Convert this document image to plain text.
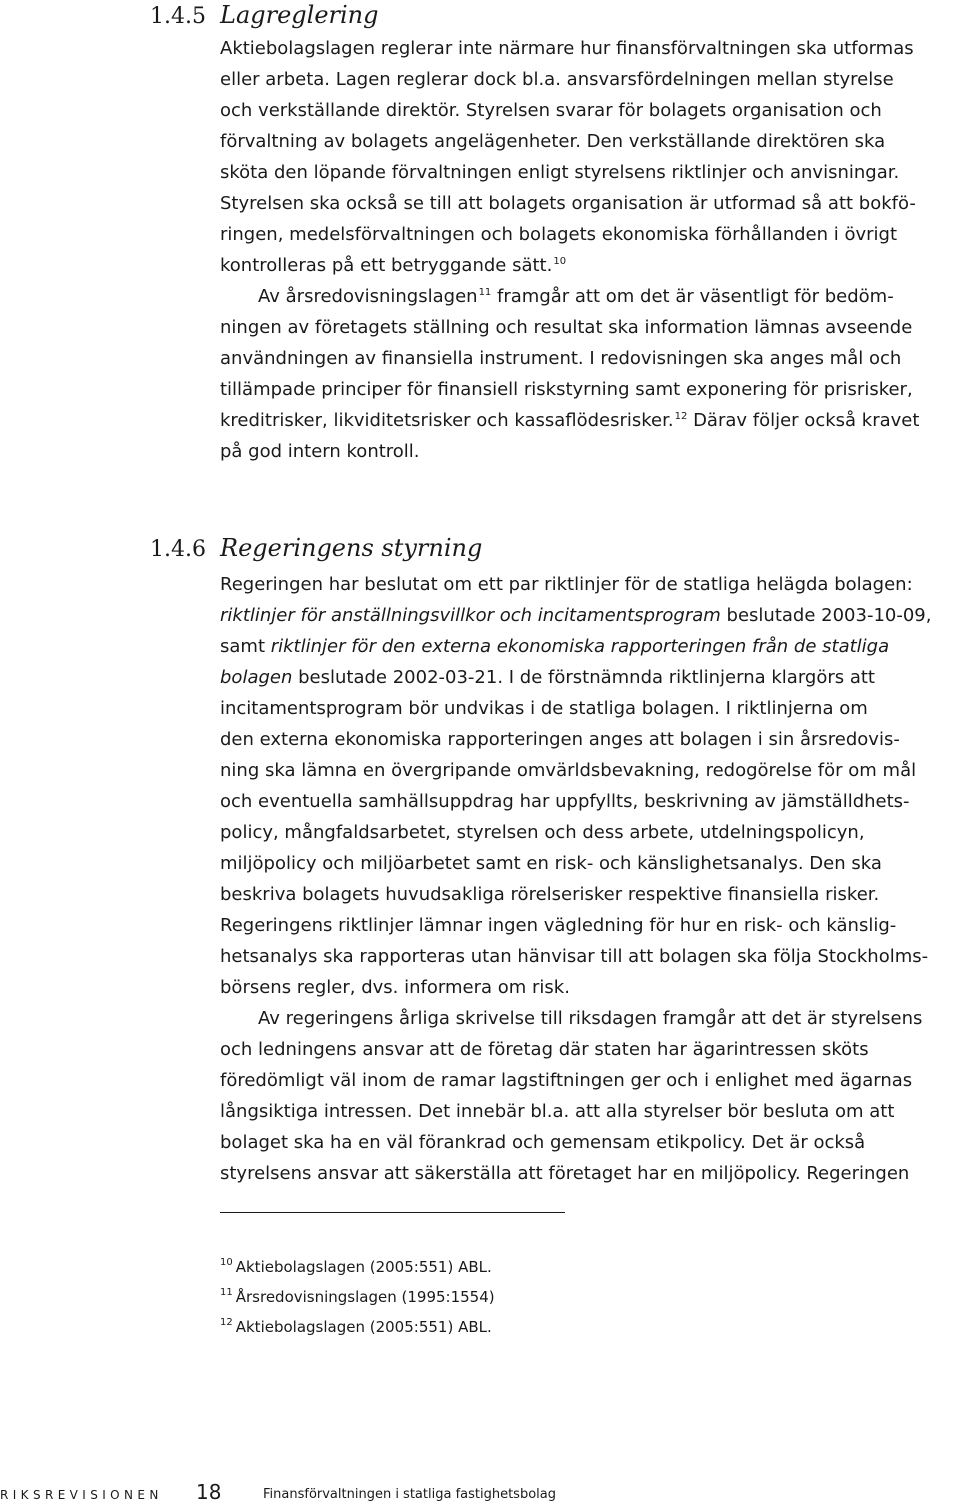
1.4.5 Lagreglering
Aktiebolagslagen reglerar inte närmare hur finansförvaltningen ska utformas
eller arbeta. Lagen reglerar dock bl.a. ansvarsfördelningen mellan styrelse
och verkställande direktör. Styrelsen svarar för bolagets organisation och
förvaltning av bolagets angelägenheter. Den verkställande direktören ska
sköta den löpande förvaltningen enligt styrelsens riktlinjer och anvisningar.
Styrelsen ska också se till att bolagets organisation är utformad så att bokfö-
ringen, medelsförvaltningen och bolagets ekonomiska förhållanden i övrigt
kontrolleras på ett betryggande sätt.$^{10}$
Av årsredovisningslagen$^{11}$ framgår att om det är väsentligt för bedöm-
ningen av företagets ställning och resultat ska information lämnas avseende
användningen av finansiella instrument. I redovisningen ska anges mål och
tillämpade principer för finansiell riskstyrning samt exponering för prisrisker,
kreditrisker, likviditetsrisker och kassaflödesrisker.$^{12}$ Därav följer också kravet
på god intern kontroll.
1.4.6 Regeringens styrning
Regeringen har beslutat om ett par riktlinjer för de statliga helägda bolagen:
riktlinjer för anställningsvillkor och incitamentsprogram beslutade 2003-10-09,
samt riktlinjer för den externa ekonomiska rapporteringen från de statliga
bolagen beslutade 2002-03-21. I de förstnämnda riktlinjerna klargörs att
incitamentsprogram bör undvikas i de statliga bolagen. I riktlinjerna om
den externa ekonomiska rapporteringen anges att bolagen i sin årsredovis-
ning ska lämna en övergripande omvärldsbevakning, redogörelse för om mål
och eventuella samhällsuppdrag har uppfyllts, beskrivning av jämställdhets-
policy, mångfaldsarbetet, styrelsen och dess arbete, utdelningspolicyn,
miljöpolicy och miljöarbetet samt en risk- och känslighetsanalys. Den ska
beskriva bolagets huvudsakliga rörelserisker respektive finansiella risker.
Regeringens riktlinjer lämnar ingen vägledning för hur en risk- och känslig-
hetsanalys ska rapporteras utan hänvisar till att bolagen ska följa Stockholms-
börsens regler, dvs. informera om risk.
Av regeringens årliga skrivelse till riksdagen framgår att det är styrelsens
och ledningens ansvar att de företag där staten har ägarintressen sköts
föredömligt väl inom de ramar lagstiftningen ger och i enlighet med ägarnas
långsiktiga intressen. Det innebär bl.a. att alla styrelser bör besluta om att
bolaget ska ha en väl förankrad och gemensam etikpolicy. Det är också
styrelsens ansvar att säkerställa att företaget har en miljöpolicy. Regeringen
$^{10}$ Aktiebolagslagen (2005:551) ABL.
$^{11}$ Årsredovisningslagen (1995:1554)
$^{12}$ Aktiebolagslagen (2005:551) ABL.
RIKSREVISIONEN 18	Finansförvaltningen i statliga fastighetsbolag
